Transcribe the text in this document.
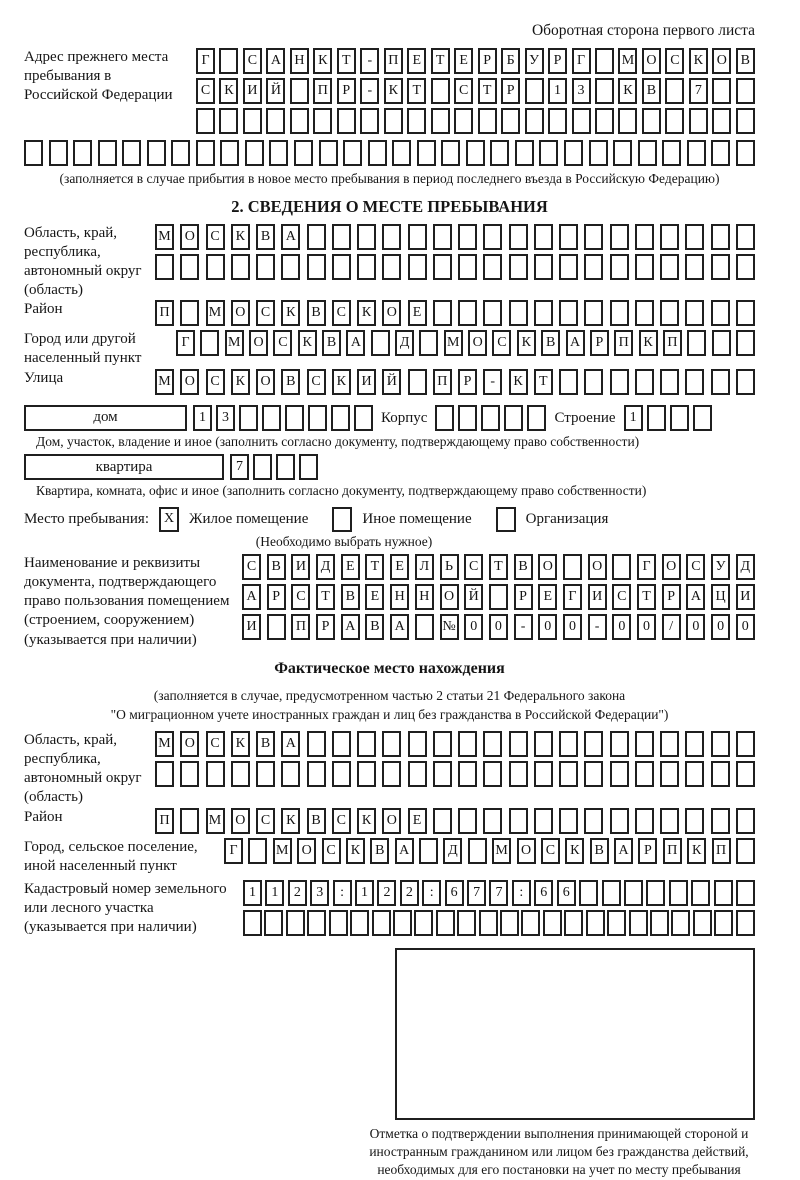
Оборотная сторона первого листа
Адрес прежнего места пребывания в Российской Федерации
Г	С А Н К	Т	-	П	Е	Т	Е	Р	Б	У	Р	Г	М О С	К О В
С	К И Й	П	Р	-	К	Т	С	Т	Р	1	3	К	В	7
(заполняется в случае прибытия в новое место пребывания в период последнего въезда в Российскую Федерацию)
2. СВЕДЕНИЯ О МЕСТЕ ПРЕБЫВАНИЯ
Область, край, республика, автономный округ (область)
М О	С	К	В	А
Район	П	М О	С	К	В	С	К	О	Е
Город или другой населенный пункт
Г	М О	С	К	В	А	Д	М О	С	К	В	А	Р	П	К	П
Улица	М О	С	К	О	В	С	К	И	Й	П	Р	-	К	Т
дом	1	3	Корпус	Строение	1
Дом, участок, владение и иное (заполнить согласно документу, подтверждающему право собственности)
квартира	7
Квартира, комната, офис и иное (заполнить согласно документу, подтверждающему право собственности)
Место пребывания:	X Жилое помещение	Иное помещение	Организация
(Необходимо выбрать нужное)
Наименование и реквизиты документа, подтверждающего право пользования помещением (строением, сооружением) (указывается при наличии)
С	В	И	Д	Е	Т	Е	Л	Ь	С	Т	В	О	О	Г	О	С	У	Д
А	Р	С	Т	В	Е	Н	Н	О	Й	Р	Е	Г	И	С	Т	Р	А	Ц	И
И	П	Р	А	В	А	№	0	0	-	0	0	-	0	0	/	0	0	0
Фактическое место нахождения
(заполняется в случае, предусмотренном частью 2 статьи 21 Федерального закона
"О миграционном учете иностранных граждан и лиц без гражданства в Российской Федерации")
Область, край, республика, автономный округ (область)
М О	С	К	В	А
Район	П	М О	С	К	В	С	К	О	Е
Город, сельское поселение, иной населенный пункт
Г	М О	С	К	В	А	Д	М О	С	К	В	А	Р	П	К	П
Кадастровый номер земельного или лесного участка (указывается при наличии)
1	1	2	3	:	1	2	2	:	6	7	7	:	6	6
Отметка о подтверждении выполнения принимающей стороной и иностранным гражданином или лицом без гражданства действий, необходимых для его постановки на учет по месту пребывания
